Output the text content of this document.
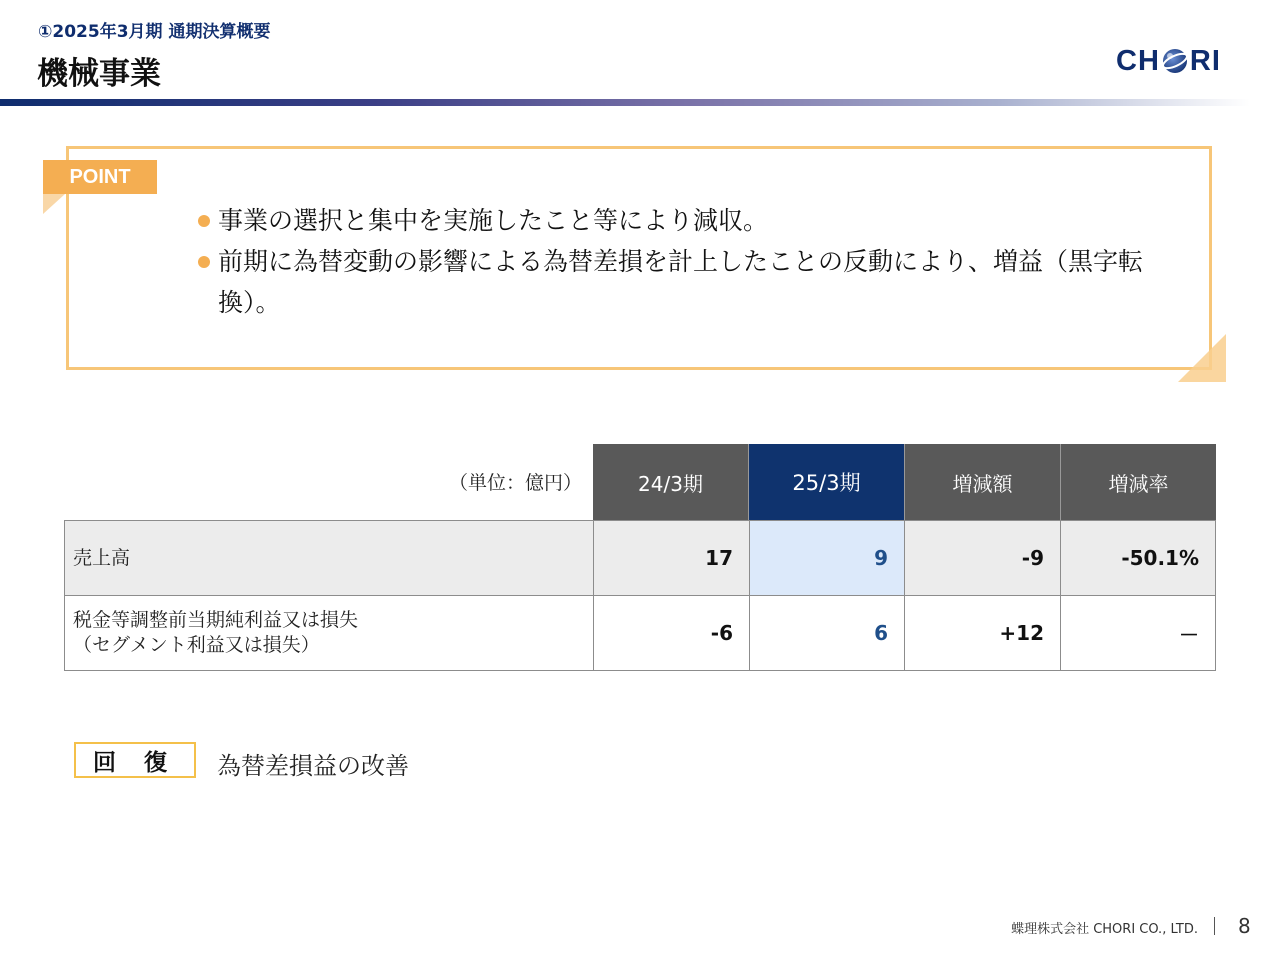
①2025年3月期 通期決算概要
機械事業	CH RI
POINT
事業の選択と集中を実施したこと等により減収。
前期に為替変動の影響による為替差損を計上したことの反動により、増益（黒字転換）。
（単位：億円）	24/3期	25/3期	増減額	増減率
売上高	17	9	-9	-50.1%
税金等調整前当期純利益又は損失
（セグメント利益又は損失）	-6	6	+12	－
回 復	為替差損益の改善
蝶理株式会社 CHORI CO., LTD. 8
